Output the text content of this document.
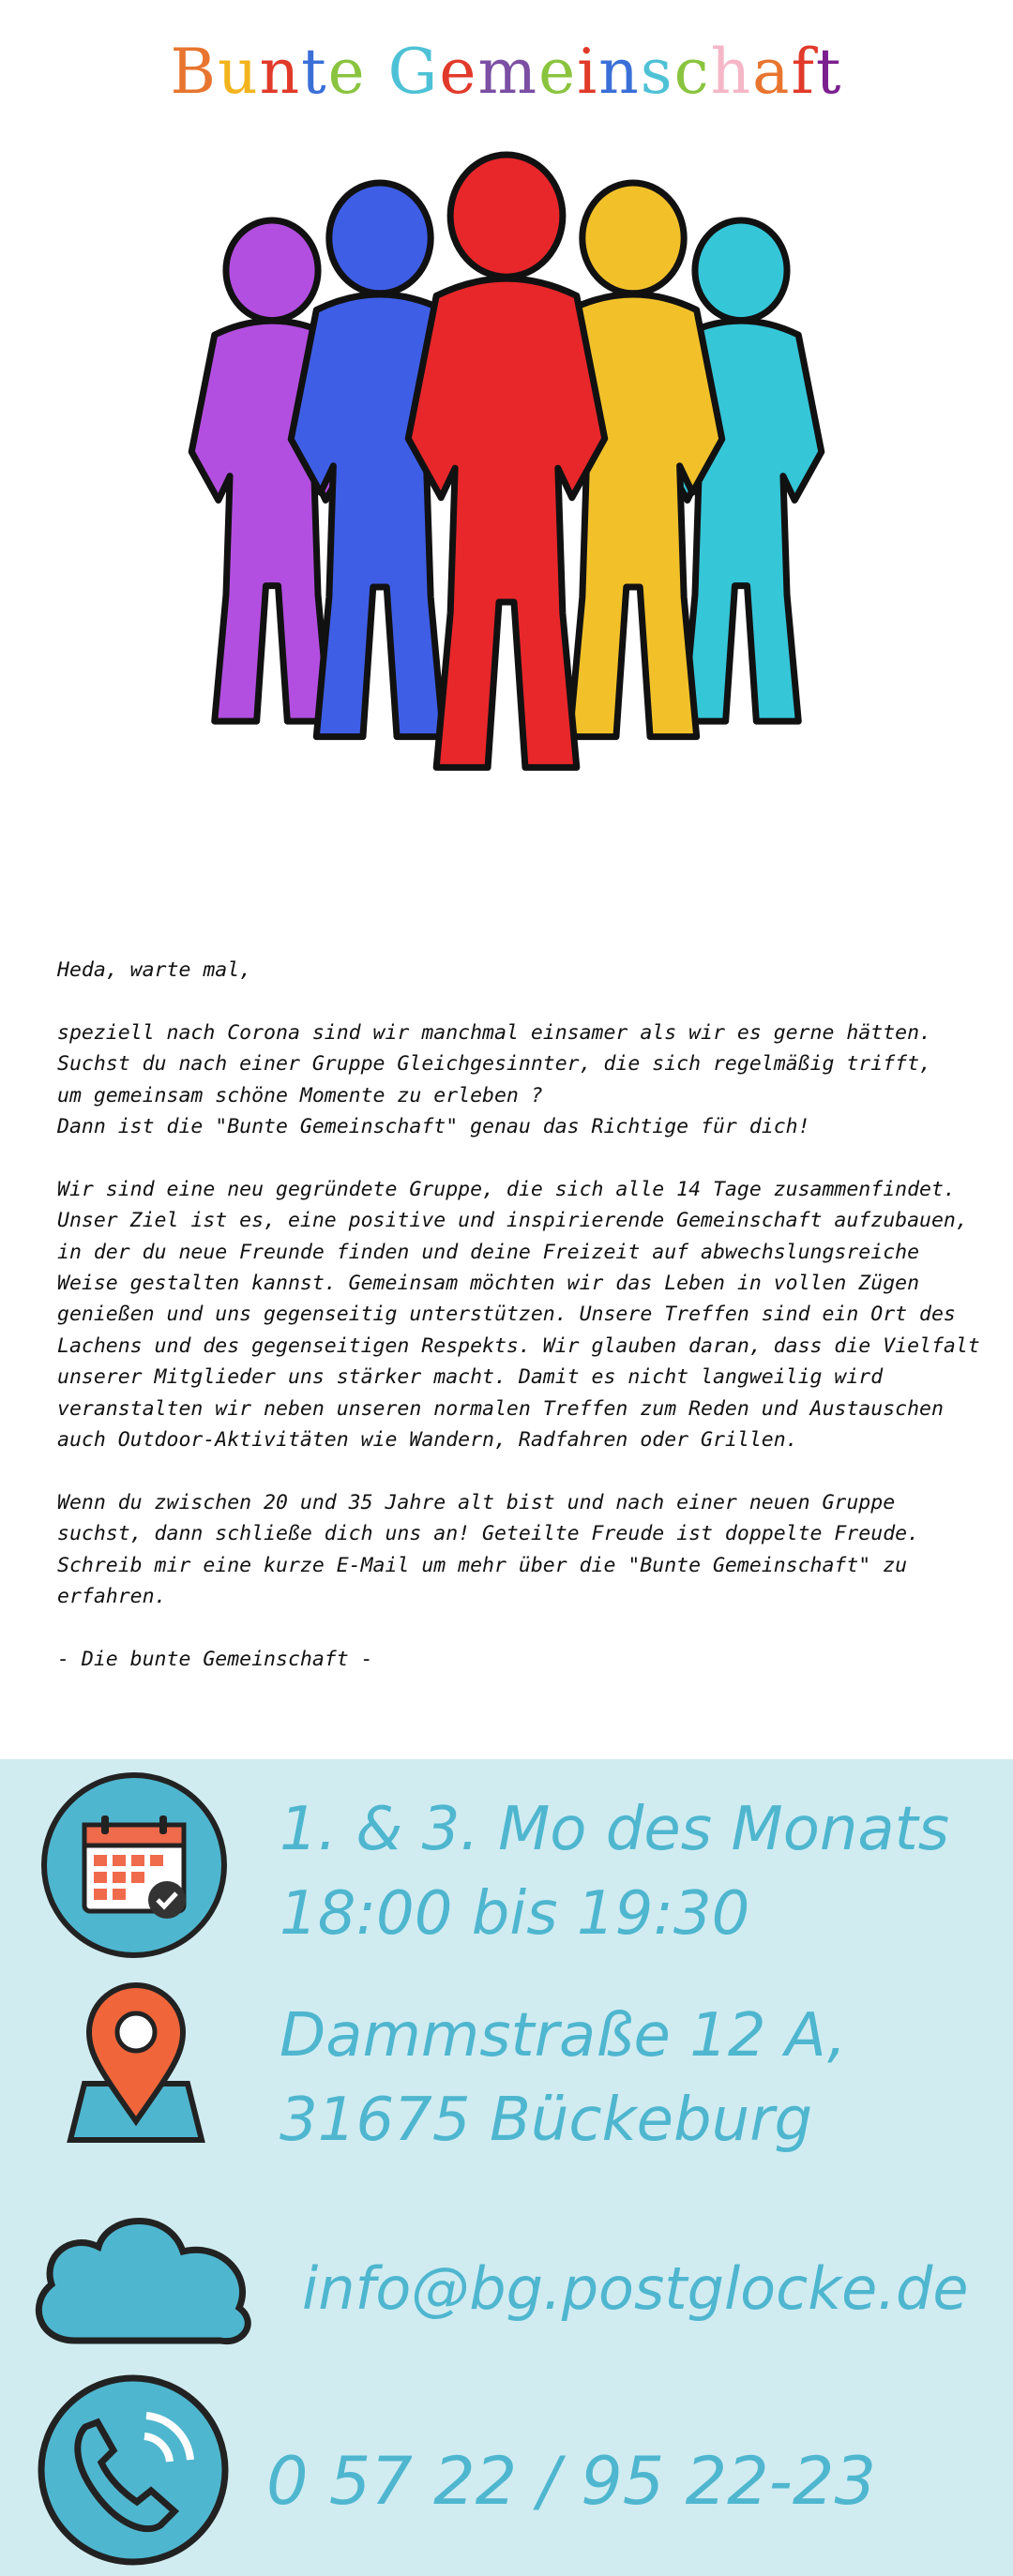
Bunte Gemeinschaft

Heda, warte mal,

speziell nach Corona sind wir manchmal einsamer als wir es gerne hätten.
Suchst du nach einer Gruppe Gleichgesinnter, die sich regelmäßig trifft,
um gemeinsam schöne Momente zu erleben ?
Dann ist die "Bunte Gemeinschaft" genau das Richtige für dich!

Wir sind eine neu gegründete Gruppe, die sich alle 14 Tage zusammenfindet.
Unser Ziel ist es, eine positive und inspirierende Gemeinschaft aufzubauen,
in der du neue Freunde finden und deine Freizeit auf abwechslungsreiche
Weise gestalten kannst. Gemeinsam möchten wir das Leben in vollen Zügen
genießen und uns gegenseitig unterstützen. Unsere Treffen sind ein Ort des
Lachens und des gegenseitigen Respekts. Wir glauben daran, dass die Vielfalt
unserer Mitglieder uns stärker macht. Damit es nicht langweilig wird
veranstalten wir neben unseren normalen Treffen zum Reden und Austauschen
auch Outdoor-Aktivitäten wie Wandern, Radfahren oder Grillen.

Wenn du zwischen 20 und 35 Jahre alt bist und nach einer neuen Gruppe
suchst, dann schließe dich uns an! Geteilte Freude ist doppelte Freude.
Schreib mir eine kurze E-Mail um mehr über die "Bunte Gemeinschaft" zu
erfahren.

- Die bunte Gemeinschaft -

1. & 3. Mo des Monats
18:00 bis 19:30
Dammstraße 12 A,
31675 Bückeburg
info@bg.postglocke.de
0 57 22 / 95 22-23
